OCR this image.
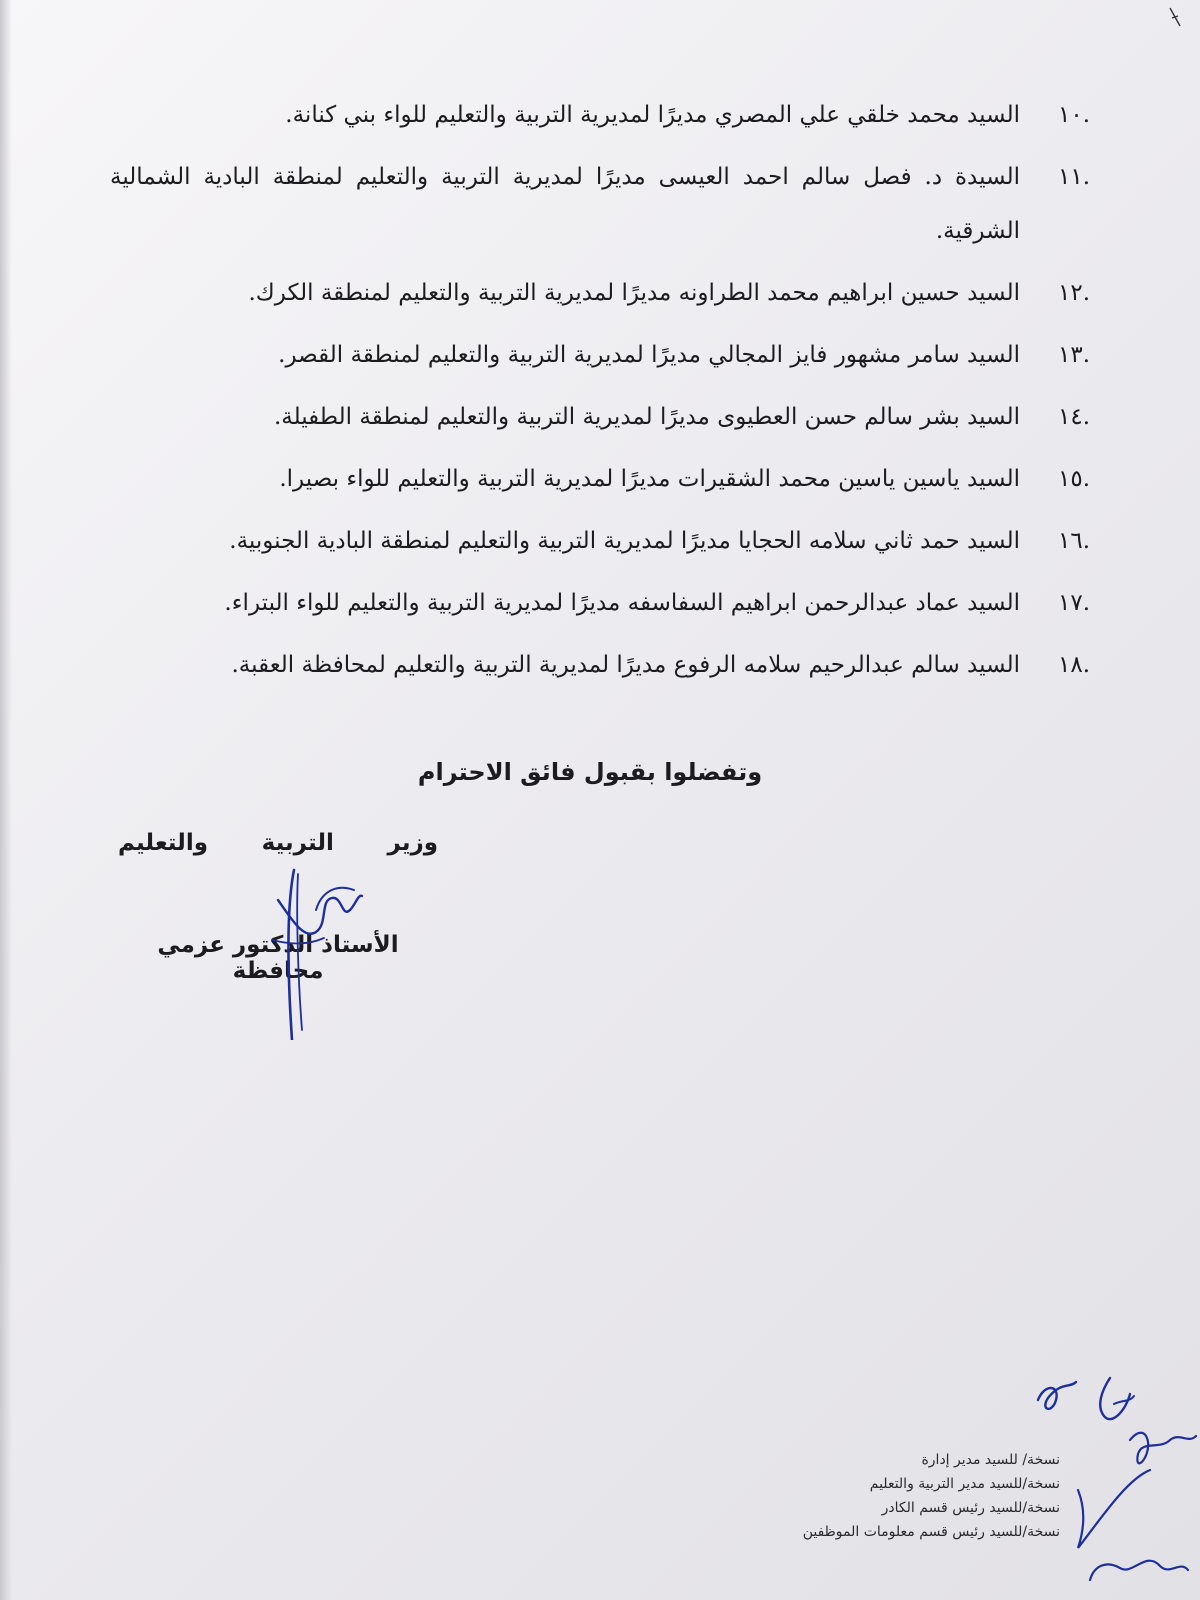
.١٠
السيد محمد خلقي علي المصري مديرًا لمديرية التربية والتعليم للواء بني كنانة.
.١١
السيدة د. فصل سالم احمد العيسى مديرًا لمديرية التربية والتعليم لمنطقة البادية الشمالية الشرقية.
.١٢
السيد حسين ابراهيم محمد الطراونه مديرًا لمديرية التربية والتعليم لمنطقة الكرك.
.١٣
السيد سامر مشهور فايز المجالي مديرًا لمديرية التربية والتعليم لمنطقة القصر.
.١٤
السيد بشر سالم حسن العطيوى مديرًا لمديرية التربية والتعليم لمنطقة الطفيلة.
.١٥
السيد ياسين ياسين محمد الشقيرات مديرًا لمديرية التربية والتعليم للواء بصيرا.
.١٦
السيد حمد ثاني سلامه الحجايا مديرًا لمديرية التربية والتعليم لمنطقة البادية الجنوبية.
.١٧
السيد عماد عبدالرحمن ابراهيم السفاسفه مديرًا لمديرية التربية والتعليم للواء البتراء.
.١٨
السيد سالم عبدالرحيم سلامه الرفوع مديرًا لمديرية التربية والتعليم لمحافظة العقبة.
وتفضلوا بقبول فائق الاحترام
وزير التربية والتعليم
الأستاذ الدكتور عزمي محافظة
نسخة/ للسيد مدير إدارة
نسخة/للسيد مدير التربية والتعليم
نسخة/للسيد رئيس قسم الكادر
نسخة/للسيد رئيس قسم معلومات الموظفين
